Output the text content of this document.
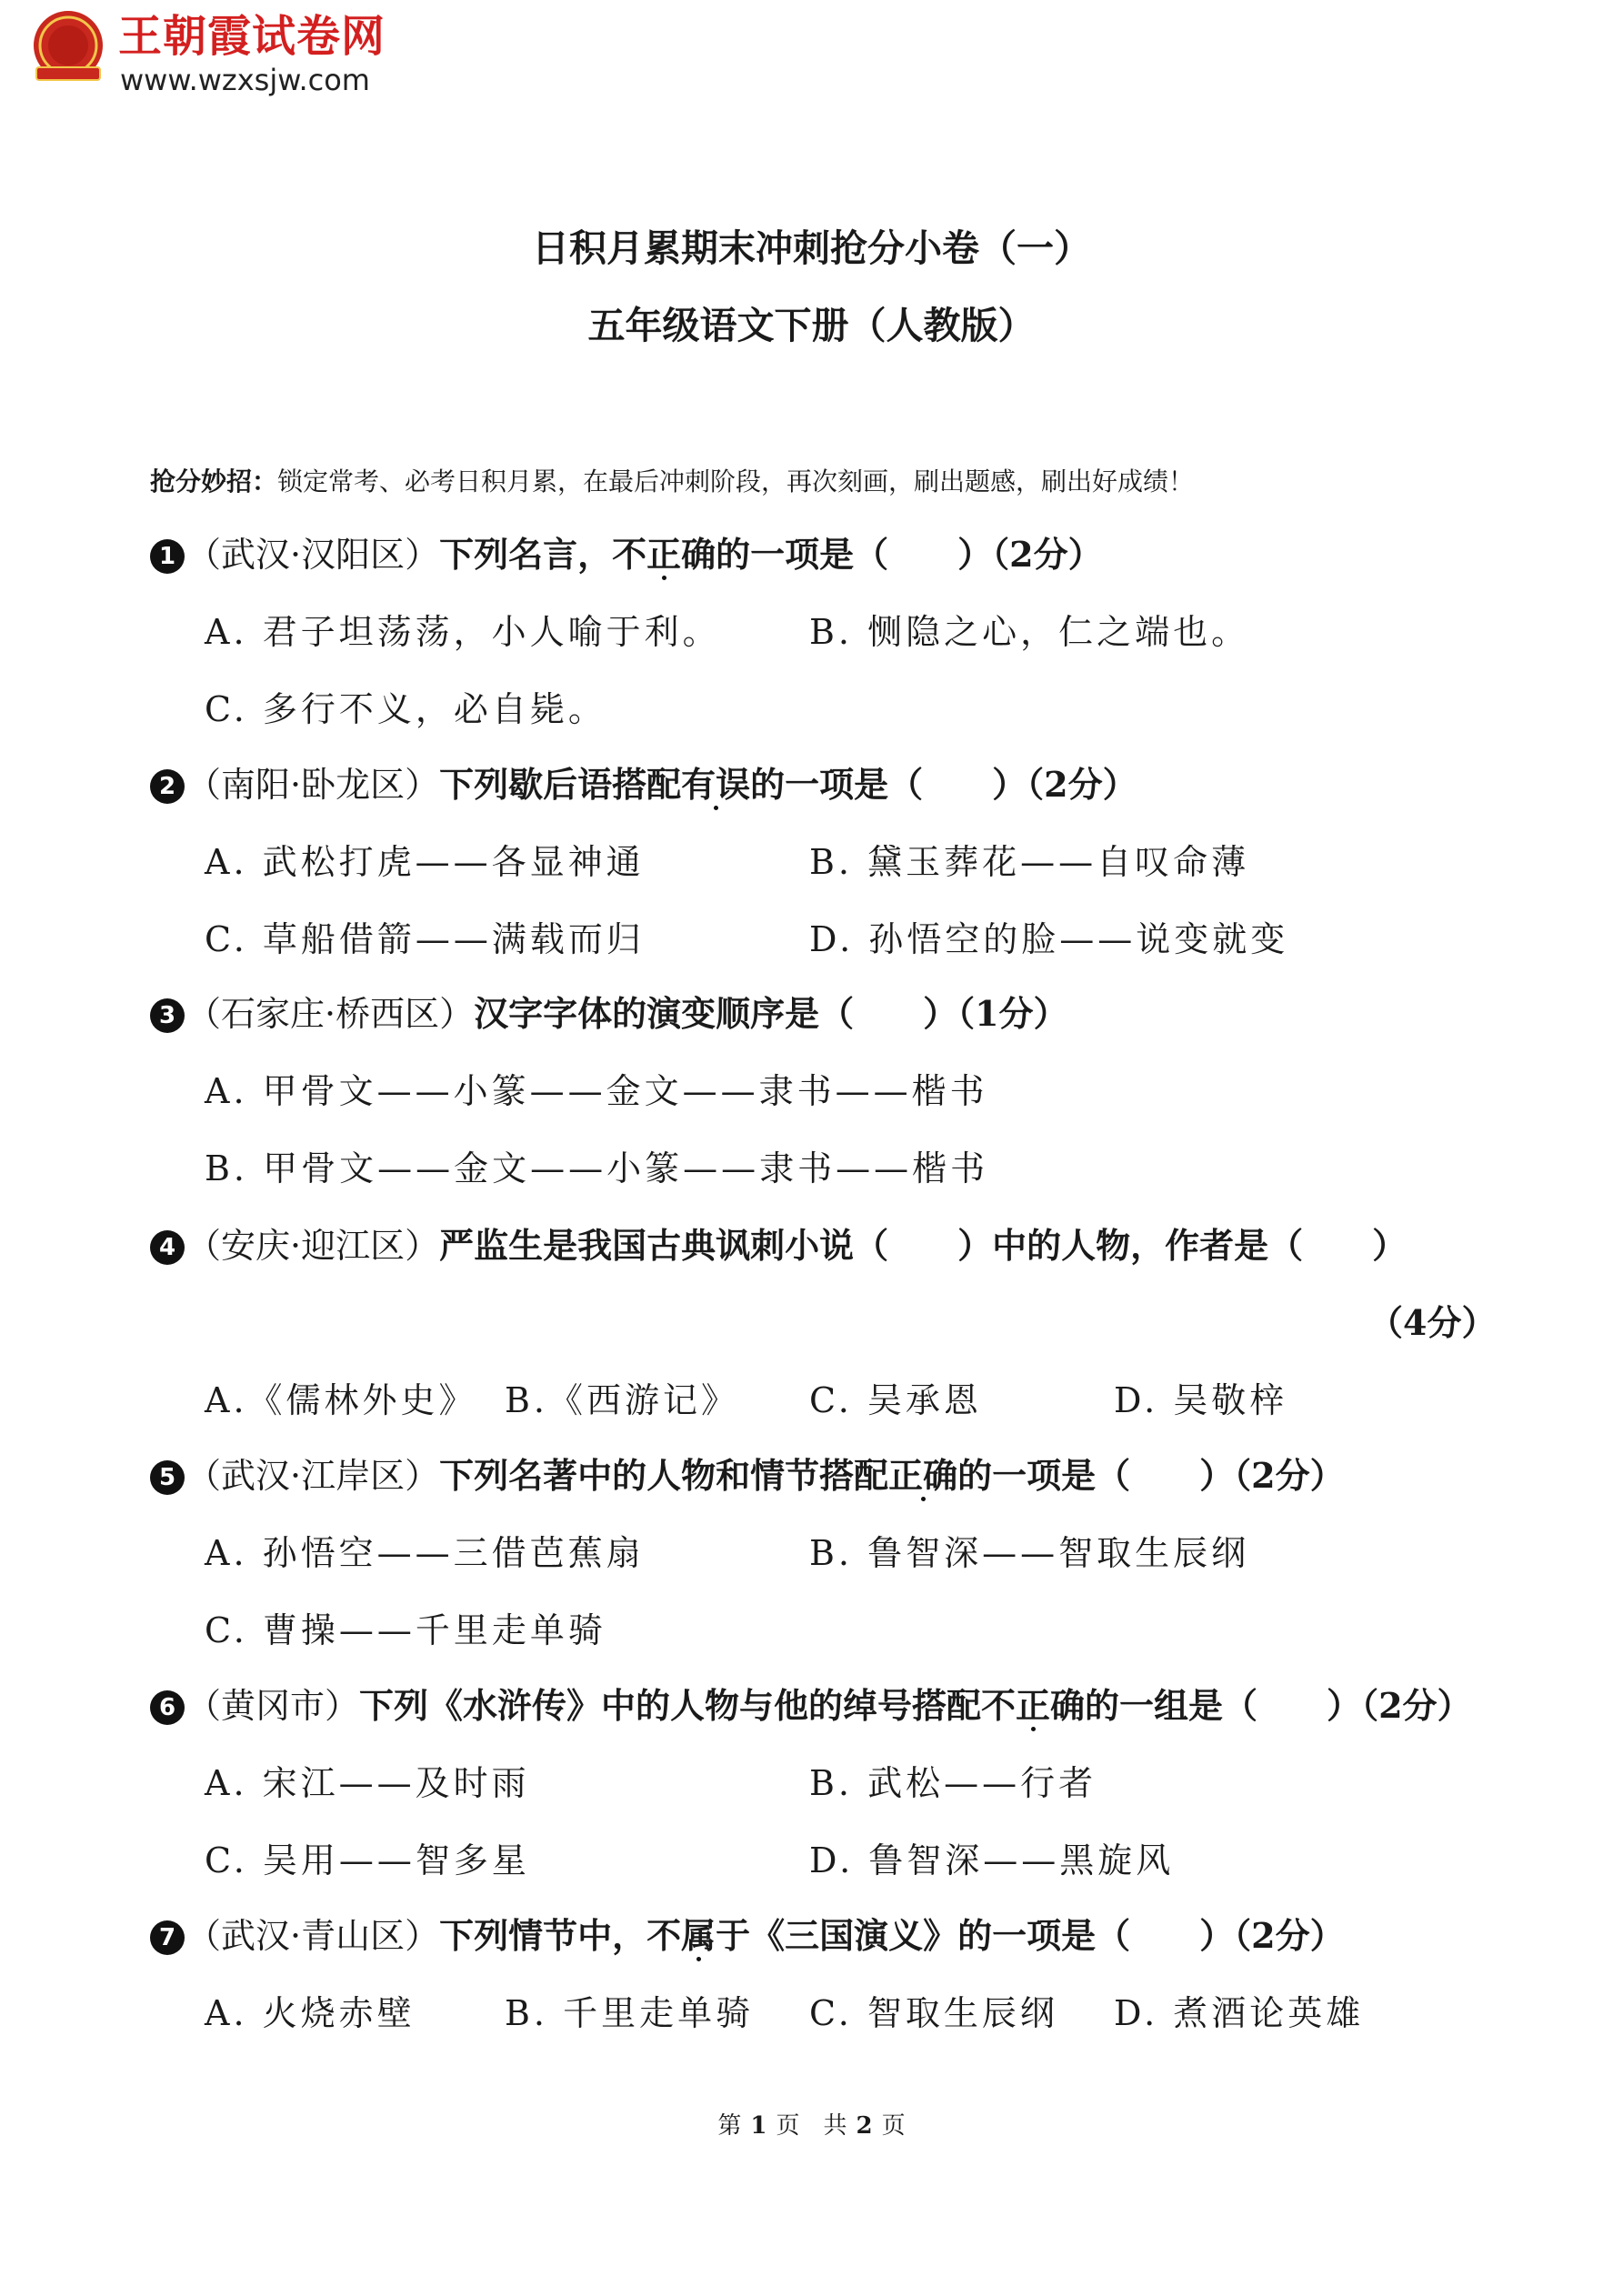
王朝霞试卷网
www.wzxsjw.com
日积月累期末冲刺抢分小卷（一）
五年级语文下册（人教版）
抢分妙招：锁定常考、必考日积月累，在最后冲刺阶段，再次刻画，刷出题感，刷出好成绩！
1 （武汉·汉阳区）下列名言，不正确的一项是（　　）（2分）
A. 君子坦荡荡，小人喻于利。	B. 恻隐之心，仁之端也。
C. 多行不义，必自毙。
2 （南阳·卧龙区）下列歇后语搭配有误的一项是（　　）（2分）
A. 武松打虎——各显神通	B. 黛玉葬花——自叹命薄
C. 草船借箭——满载而归	D. 孙悟空的脸——说变就变
3 （石家庄·桥西区）汉字字体的演变顺序是（　　）（1分）
A. 甲骨文——小篆——金文——隶书——楷书
B. 甲骨文——金文——小篆——隶书——楷书
4 （安庆·迎江区）严监生是我国古典讽刺小说（　　）中的人物，作者是（　　）
（4分）
A.《儒林外史》 B.《西游记》 C. 吴承恩	D. 吴敬梓
5 （武汉·江岸区）下列名著中的人物和情节搭配正确的一项是（　　）（2分）
A. 孙悟空——三借芭蕉扇	B. 鲁智深——智取生辰纲
C. 曹操——千里走单骑
6 （黄冈市）下列《水浒传》中的人物与他的绰号搭配不正确的一组是（　　）（2分）
A. 宋江——及时雨	B. 武松——行者
C. 吴用——智多星	D. 鲁智深——黑旋风
7 （武汉·青山区）下列情节中，不属于《三国演义》的一项是（　　）（2分）
A. 火烧赤壁	B. 千里走单骑 C. 智取生辰纲 D. 煮酒论英雄
第 1 页　共 2 页
